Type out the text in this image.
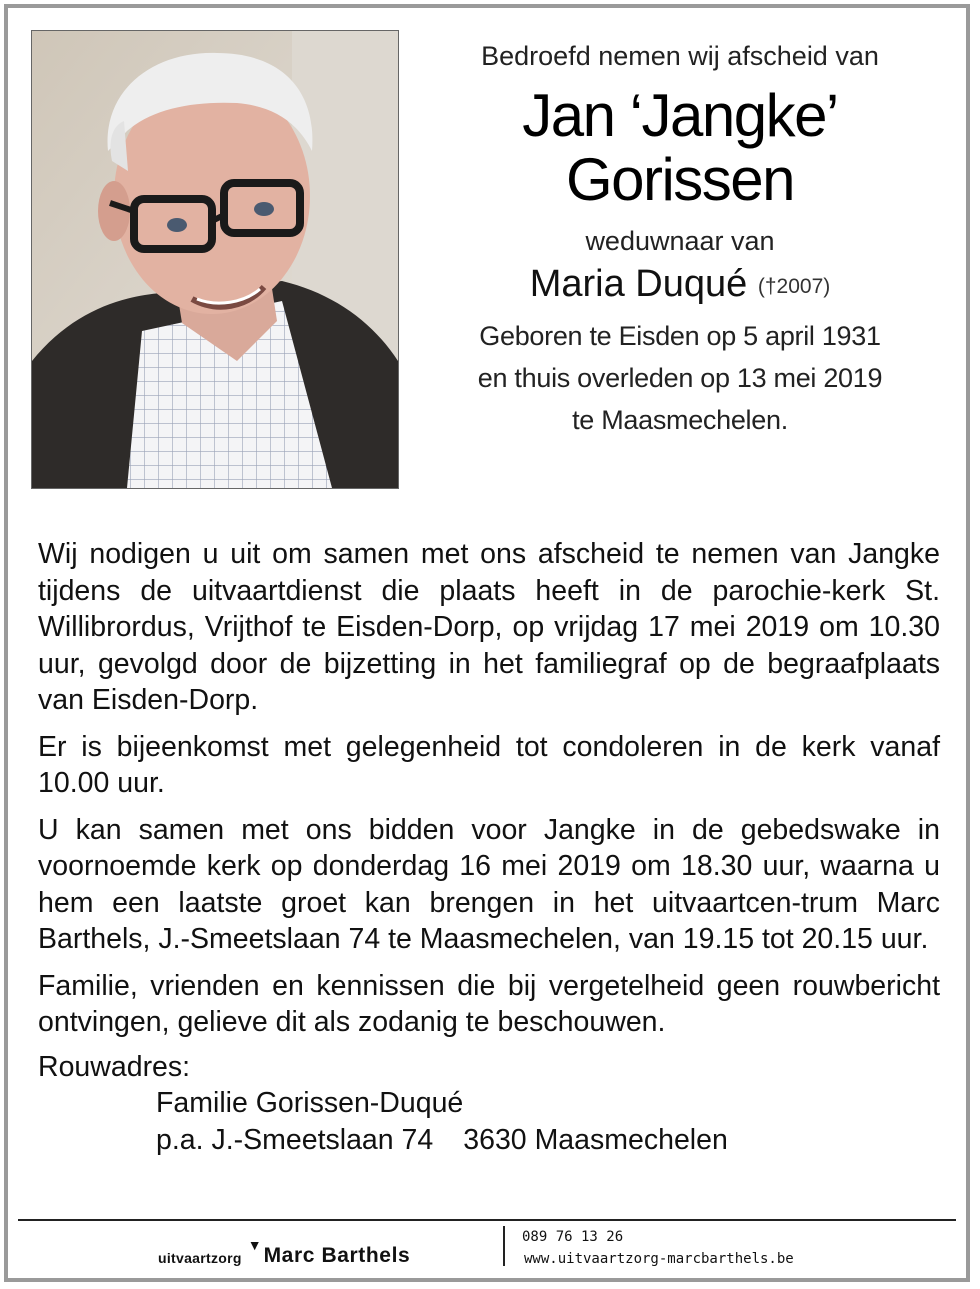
Bedroefd nemen wij afscheid van
Jan ‘Jangke’
Gorissen
weduwnaar van
Maria Duqué (†2007)
Geboren te Eisden op 5 april 1931
en thuis overleden op 13 mei 2019
te Maasmechelen.

Wij nodigen u uit om samen met ons afscheid te nemen van Jangke tijdens de uitvaartdienst die plaats heeft in de parochie-kerk St. Willibrordus, Vrijthof te Eisden-Dorp, op vrijdag 17 mei 2019 om 10.30 uur, gevolgd door de bijzetting in het familiegraf op de begraafplaats van Eisden-Dorp.

Er is bijeenkomst met gelegenheid tot condoleren in de kerk vanaf 10.00 uur.

U kan samen met ons bidden voor Jangke in de gebedswake in voornoemde kerk op donderdag 16 mei 2019 om 18.30 uur, waarna u hem een laatste groet kan brengen in het uitvaartcen-trum Marc Barthels, J.-Smeetslaan 74 te Maasmechelen, van 19.15 tot 20.15 uur.

Familie, vrienden en kennissen die bij vergetelheid geen rouwbericht ontvingen, gelieve dit als zodanig te beschouwen.

Rouwadres:
Familie Gorissen-Duqué
p.a. J.-Smeetslaan 74 3630 Maasmechelen
uitvaartzorg
▼ Marc Barthels
089 76 13 26
www.uitvaartzorg-marcbarthels.be
